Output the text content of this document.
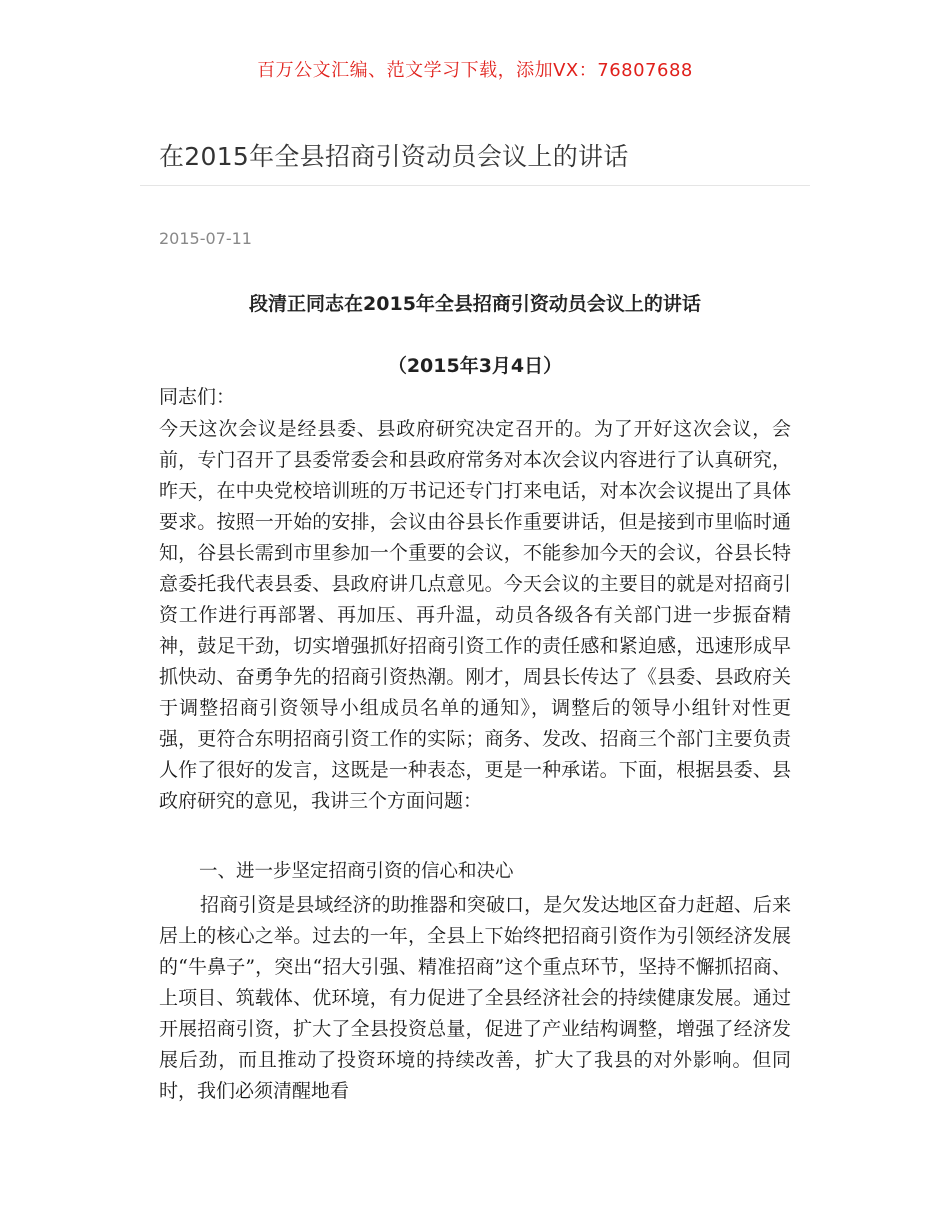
百万公文汇编、范文学习下载，添加VX：76807688
在2015年全县招商引资动员会议上的讲话
2015-07-11
段清正同志在2015年全县招商引资动员会议上的讲话
（2015年3月4日）
同志们：
今天这次会议是经县委、县政府研究决定召开的。为了开好这次会议，会前，专门召开了县委常委会和县政府常务对本次会议内容进行了认真研究，昨天，在中央党校培训班的万书记还专门打来电话，对本次会议提出了具体要求。按照一开始的安排，会议由谷县长作重要讲话，但是接到市里临时通知，谷县长需到市里参加一个重要的会议，不能参加今天的会议，谷县长特意委托我代表县委、县政府讲几点意见。今天会议的主要目的就是对招商引资工作进行再部署、再加压、再升温，动员各级各有关部门进一步振奋精神，鼓足干劲，切实增强抓好招商引资工作的责任感和紧迫感，迅速形成早抓快动、奋勇争先的招商引资热潮。刚才，周县长传达了《县委、县政府关于调整招商引资领导小组成员名单的通知》，调整后的领导小组针对性更强，更符合东明招商引资工作的实际；商务、发改、招商三个部门主要负责人作了很好的发言，这既是一种表态，更是一种承诺。下面，根据县委、县政府研究的意见，我讲三个方面问题：
一、进一步坚定招商引资的信心和决心
招商引资是县域经济的助推器和突破口，是欠发达地区奋力赶超、后来居上的核心之举。过去的一年，全县上下始终把招商引资作为引领经济发展的“牛鼻子”，突出“招大引强、精准招商”这个重点环节，坚持不懈抓招商、上项目、筑载体、优环境，有力促进了全县经济社会的持续健康发展。通过开展招商引资，扩大了全县投资总量，促进了产业结构调整，增强了经济发展后劲，而且推动了投资环境的持续改善，扩大了我县的对外影响。但同时，我们必须清醒地看
